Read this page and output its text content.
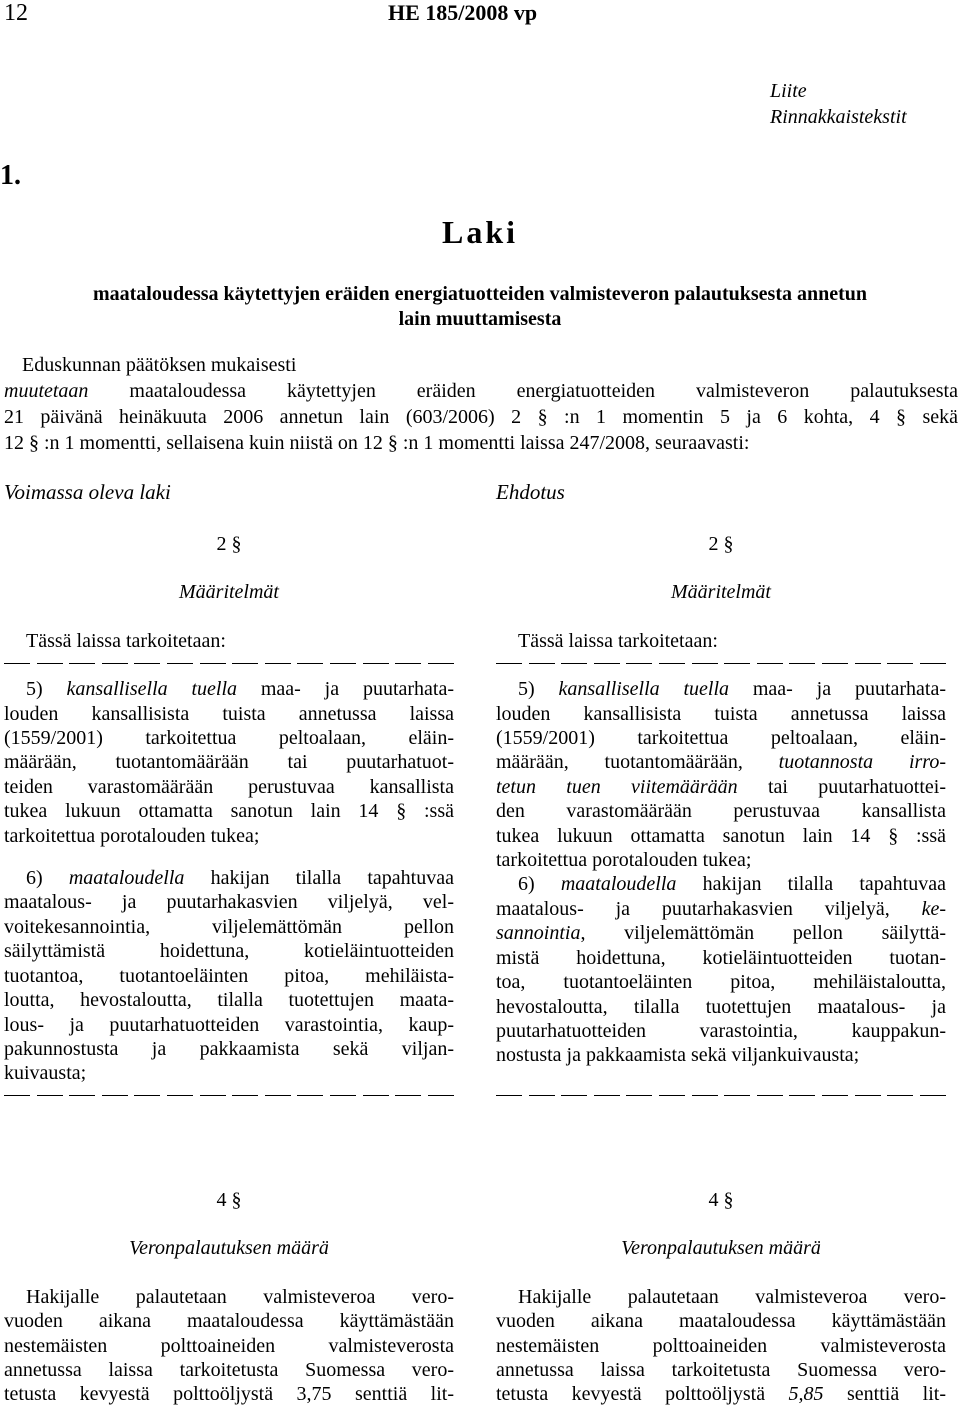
12	HE 185/2008 vp
Liite
Rinnakkaistekstit
1.
Laki
maataloudessa käytettyjen eräiden energiatuotteiden valmisteveron palautuksesta annetun
lain muuttamisesta
Eduskunnan päätöksen mukaisesti
muutetaan maataloudessa käytettyjen eräiden energiatuotteiden valmisteveron palautuksesta
21 päivänä heinäkuuta 2006 annetun lain (603/2006) 2 § :n 1 momentin 5 ja 6 kohta, 4 § sekä
12 § :n 1 momentti, sellaisena kuin niistä on 12 § :n 1 momentti laissa 247/2008, seuraavasti:
Voimassa oleva laki	Ehdotus
2 §
Määritelmät
Tässä laissa tarkoitetaan:
5) kansallisella tuella maa- ja puutarhata-
louden kansallisista tuista annetussa laissa
(1559/2001) tarkoitettua peltoalaan, eläin-
määrään, tuotantomäärään tai puutarhatuot-
teiden varastomäärään perustuvaa kansallista
tukea lukuun ottamatta sanotun lain 14 § :ssä
tarkoitettua porotalouden tukea;
6) maataloudella hakijan tilalla tapahtuvaa
maatalous- ja puutarhakasvien viljelyä, vel-
voitekesannointia, viljelemättömän pellon
säilyttämistä hoidettuna, kotieläintuotteiden
tuotantoa, tuotantoeläinten pitoa, mehiläista-
loutta, hevostaloutta, tilalla tuotettujen maata-
lous- ja puutarhatuotteiden varastointia, kaup-
pakunnostusta ja pakkaamista sekä viljan-
kuivausta;
4 §
Veronpalautuksen määrä
Hakijalle palautetaan valmisteveroa vero-
vuoden aikana maataloudessa käyttämästään
nestemäisten polttoaineiden valmisteverosta
annetussa laissa tarkoitetusta Suomessa vero-
tetusta kevyestä polttoöljystä 3,75 senttiä lit-
2 §
Määritelmät
Tässä laissa tarkoitetaan:
5) kansallisella tuella maa- ja puutarhata-
louden kansallisista tuista annetussa laissa
(1559/2001) tarkoitettua peltoalaan, eläin-
määrään, tuotantomäärään, tuotannosta irro-
tetun tuen viitemäärään tai puutarhatuottei-
den varastomäärään perustuvaa kansallista
tukea lukuun ottamatta sanotun lain 14 § :ssä
tarkoitettua porotalouden tukea;
6) maataloudella hakijan tilalla tapahtuvaa
maatalous- ja puutarhakasvien viljelyä, ke-
sannointia, viljelemättömän pellon säilyttä-
mistä hoidettuna, kotieläintuotteiden tuotan-
toa, tuotantoeläinten pitoa, mehiläistaloutta,
hevostaloutta, tilalla tuotettujen maatalous- ja
puutarhatuotteiden varastointia, kauppakun-
nostusta ja pakkaamista sekä viljankuivausta;
4 §
Veronpalautuksen määrä
Hakijalle palautetaan valmisteveroa vero-
vuoden aikana maataloudessa käyttämästään
nestemäisten polttoaineiden valmisteverosta
annetussa laissa tarkoitetusta Suomessa vero-
tetusta kevyestä polttoöljystä 5,85 senttiä lit-
